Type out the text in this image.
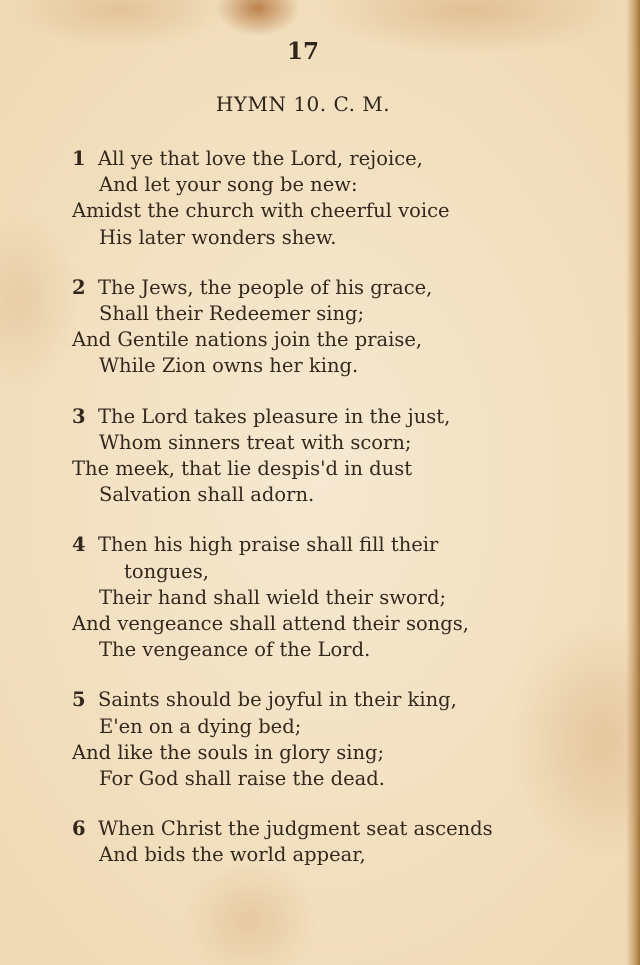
17
HYMN 10. C. M.
1 All ye that love the Lord, rejoice,
And let your song be new:
Amidst the church with cheerful voice
His later wonders shew.
2 The Jews, the people of his grace,
Shall their Redeemer sing;
And Gentile nations join the praise,
While Zion owns her king.
3 The Lord takes pleasure in the just,
Whom sinners treat with scorn;
The meek, that lie despis'd in dust
Salvation shall adorn.
4 Then his high praise shall fill their
tongues,
Their hand shall wield their sword;
And vengeance shall attend their songs,
The vengeance of the Lord.
5 Saints should be joyful in their king,
E'en on a dying bed;
And like the souls in glory sing;
For God shall raise the dead.
6 When Christ the judgment seat ascends
And bids the world appear,
